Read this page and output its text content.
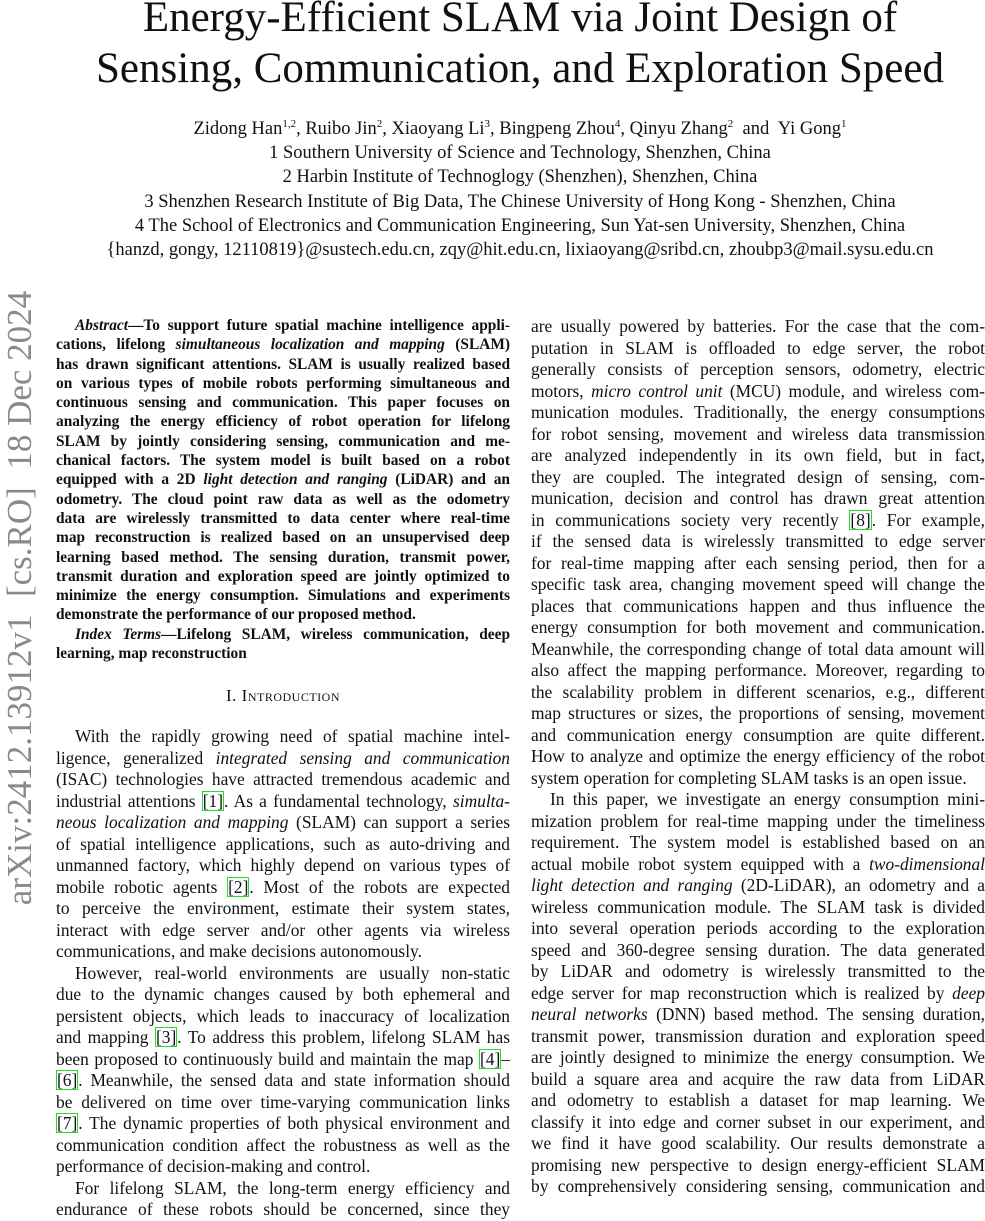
arXiv:2412.13912v1  [cs.RO]  18 Dec 2024
Energy-Efficient SLAM via Joint Design of
Sensing, Communication, and Exploration Speed
Zidong Han$^{1,2}$, Ruibo Jin$^2$, Xiaoyang Li$^3$, Bingpeng Zhou$^4$, Qinyu Zhang$^2$  and  Yi Gong$^1$
1 Southern University of Science and Technology, Shenzhen, China
2 Harbin Institute of Technoglogy (Shenzhen), Shenzhen, China
3 Shenzhen Research Institute of Big Data, The Chinese University of Hong Kong - Shenzhen, China
4 The School of Electronics and Communication Engineering, Sun Yat-sen University, Shenzhen, China
{hanzd, gongy, 12110819}@sustech.edu.cn, zqy@hit.edu.cn, lixiaoyang@sribd.cn, zhoubp3@mail.sysu.edu.cn
Abstract—To support future spatial machine intelligence appli-
cations, lifelong simultaneous localization and mapping (SLAM)
has drawn significant attentions. SLAM is usually realized based
on various types of mobile robots performing simultaneous and
continuous sensing and communication. This paper focuses on
analyzing the energy efficiency of robot operation for lifelong
SLAM by jointly considering sensing, communication and me-
chanical factors. The system model is built based on a robot
equipped with a 2D light detection and ranging (LiDAR) and an
odometry. The cloud point raw data as well as the odometry
data are wirelessly transmitted to data center where real-time
map reconstruction is realized based on an unsupervised deep
learning based method. The sensing duration, transmit power,
transmit duration and exploration speed are jointly optimized to
minimize the energy consumption. Simulations and experiments
demonstrate the performance of our proposed method.
Index Terms—Lifelong SLAM, wireless communication, deep
learning, map reconstruction
I. Introduction
With the rapidly growing need of spatial machine intel-
ligence, generalized integrated sensing and communication
(ISAC) technologies have attracted tremendous academic and
industrial attentions [1]. As a fundamental technology, simulta-
neous localization and mapping (SLAM) can support a series
of spatial intelligence applications, such as auto-driving and
unmanned factory, which highly depend on various types of
mobile robotic agents [2]. Most of the robots are expected
to perceive the environment, estimate their system states,
interact with edge server and/or other agents via wireless
communications, and make decisions autonomously.
However, real-world environments are usually non-static
due to the dynamic changes caused by both ephemeral and
persistent objects, which leads to inaccuracy of localization
and mapping [3]. To address this problem, lifelong SLAM has
been proposed to continuously build and maintain the map [4]–
[6]. Meanwhile, the sensed data and state information should
be delivered on time over time-varying communication links
[7]. The dynamic properties of both physical environment and
communication condition affect the robustness as well as the
performance of decision-making and control.
For lifelong SLAM, the long-term energy efficiency and
endurance of these robots should be concerned, since they
are usually powered by batteries. For the case that the com-
putation in SLAM is offloaded to edge server, the robot
generally consists of perception sensors, odometry, electric
motors, micro control unit (MCU) module, and wireless com-
munication modules. Traditionally, the energy consumptions
for robot sensing, movement and wireless data transmission
are analyzed independently in its own field, but in fact,
they are coupled. The integrated design of sensing, com-
munication, decision and control has drawn great attention
in communications society very recently [8]. For example,
if the sensed data is wirelessly transmitted to edge server
for real-time mapping after each sensing period, then for a
specific task area, changing movement speed will change the
places that communications happen and thus influence the
energy consumption for both movement and communication.
Meanwhile, the corresponding change of total data amount will
also affect the mapping performance. Moreover, regarding to
the scalability problem in different scenarios, e.g., different
map structures or sizes, the proportions of sensing, movement
and communication energy consumption are quite different.
How to analyze and optimize the energy efficiency of the robot
system operation for completing SLAM tasks is an open issue.
In this paper, we investigate an energy consumption mini-
mization problem for real-time mapping under the timeliness
requirement. The system model is established based on an
actual mobile robot system equipped with a two-dimensional
light detection and ranging (2D-LiDAR), an odometry and a
wireless communication module. The SLAM task is divided
into several operation periods according to the exploration
speed and 360-degree sensing duration. The data generated
by LiDAR and odometry is wirelessly transmitted to the
edge server for map reconstruction which is realized by deep
neural networks (DNN) based method. The sensing duration,
transmit power, transmission duration and exploration speed
are jointly designed to minimize the energy consumption. We
build a square area and acquire the raw data from LiDAR
and odometry to establish a dataset for map learning. We
classify it into edge and corner subset in our experiment, and
we find it have good scalability. Our results demonstrate a
promising new perspective to design energy-efficient SLAM
by comprehensively considering sensing, communication and
